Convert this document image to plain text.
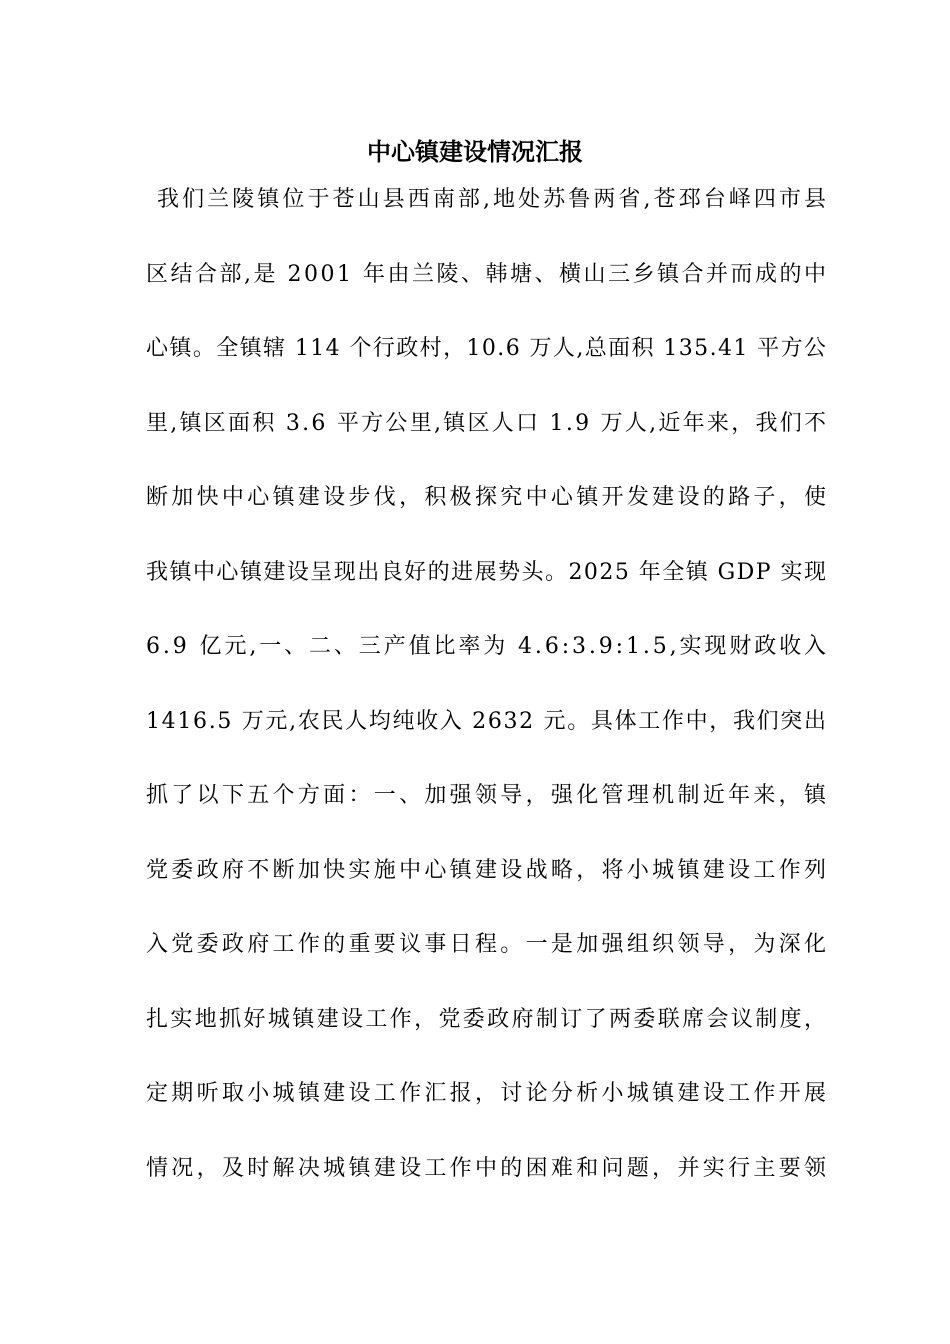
中心镇建设情况汇报
我们兰陵镇位于苍山县西南部,地处苏鲁两省,苍邳台峄四市县
区结合部,是 2001 年由兰陵、韩塘、横山三乡镇合并而成的中
心镇。全镇辖 114 个行政村，10.6 万人,总面积 135.41 平方公
里,镇区面积 3.6 平方公里,镇区人口 1.9 万人,近年来，我们不
断加快中心镇建设步伐，积极探究中心镇开发建设的路子，使
我镇中心镇建设呈现出良好的进展势头。2025 年全镇 GDP 实现
6.9 亿元,一、二、三产值比率为 4.6:3.9:1.5,实现财政收入
1416.5 万元,农民人均纯收入 2632 元。具体工作中，我们突出
抓了以下五个方面：一、加强领导，强化管理机制近年来，镇
党委政府不断加快实施中心镇建设战略，将小城镇建设工作列
入党委政府工作的重要议事日程。一是加强组织领导，为深化
扎实地抓好城镇建设工作，党委政府制订了两委联席会议制度，
定期听取小城镇建设工作汇报，讨论分析小城镇建设工作开展
情况，及时解决城镇建设工作中的困难和问题，并实行主要领
